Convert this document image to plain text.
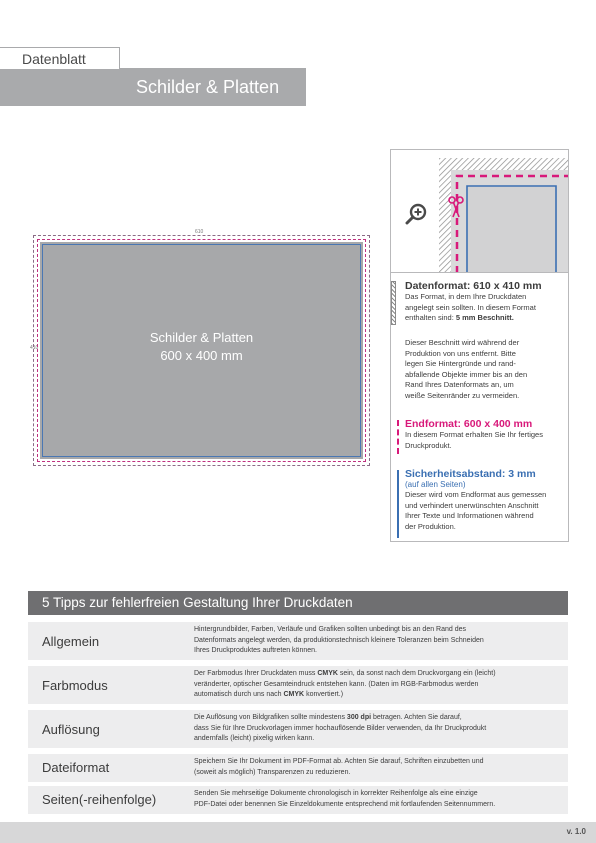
Datenblatt
Schilder & Platten
610
410
Schilder & Platten
600 x 400 mm
Datenformat: 610 x 410 mm
Das Format, in dem Ihre Druckdaten
angelegt sein sollten. In diesem Format
enthalten sind: 5 mm Beschnitt.
Dieser Beschnitt wird während der
Produktion von uns entfernt. Bitte
legen Sie Hintergründe und rand-
abfallende Objekte immer bis an den
Rand Ihres Datenformats an, um
weiße Seitenränder zu vermeiden.
Endformat: 600 x 400 mm
In diesem Format erhalten Sie Ihr fertiges
Druckprodukt.
Sicherheitsabstand: 3 mm
(auf allen Seiten)
Dieser wird vom Endformat aus gemessen
und verhindert unerwünschten Anschnitt
Ihrer Texte und Informationen während
der Produktion.
5 Tipps zur fehlerfreien Gestaltung Ihrer Druckdaten
Allgemein
Hintergrundbilder, Farben, Verläufe und Grafiken sollten unbedingt bis an den Rand des
Datenformats angelegt werden, da produktionstechnisch kleinere Toleranzen beim Schneiden
Ihres Druckproduktes auftreten können.
Farbmodus
Der Farbmodus Ihrer Druckdaten muss CMYK sein, da sonst nach dem Druckvorgang ein (leicht)
veränderter, optischer Gesamteindruck entstehen kann. (Daten im RGB-Farbmodus werden
automatisch durch uns nach CMYK konvertiert.)
Auflösung
Die Auflösung von Bildgrafiken sollte mindestens 300 dpi betragen. Achten Sie darauf,
dass Sie für Ihre Druckvorlagen immer hochauflösende Bilder verwenden, da Ihr Druckprodukt
andernfalls (leicht) pixelig wirken kann.
Dateiformat	Speichern Sie Ihr Dokument im PDF-Format ab. Achten Sie darauf, Schriften einzubetten und
(soweit als möglich) Transparenzen zu reduzieren.
Seiten(-reihenfolge)	Senden Sie mehrseitige Dokumente chronologisch in korrekter Reihenfolge als eine einzige
PDF-Datei oder benennen Sie Einzeldokumente entsprechend mit fortlaufenden Seitennummern.
v. 1.0
